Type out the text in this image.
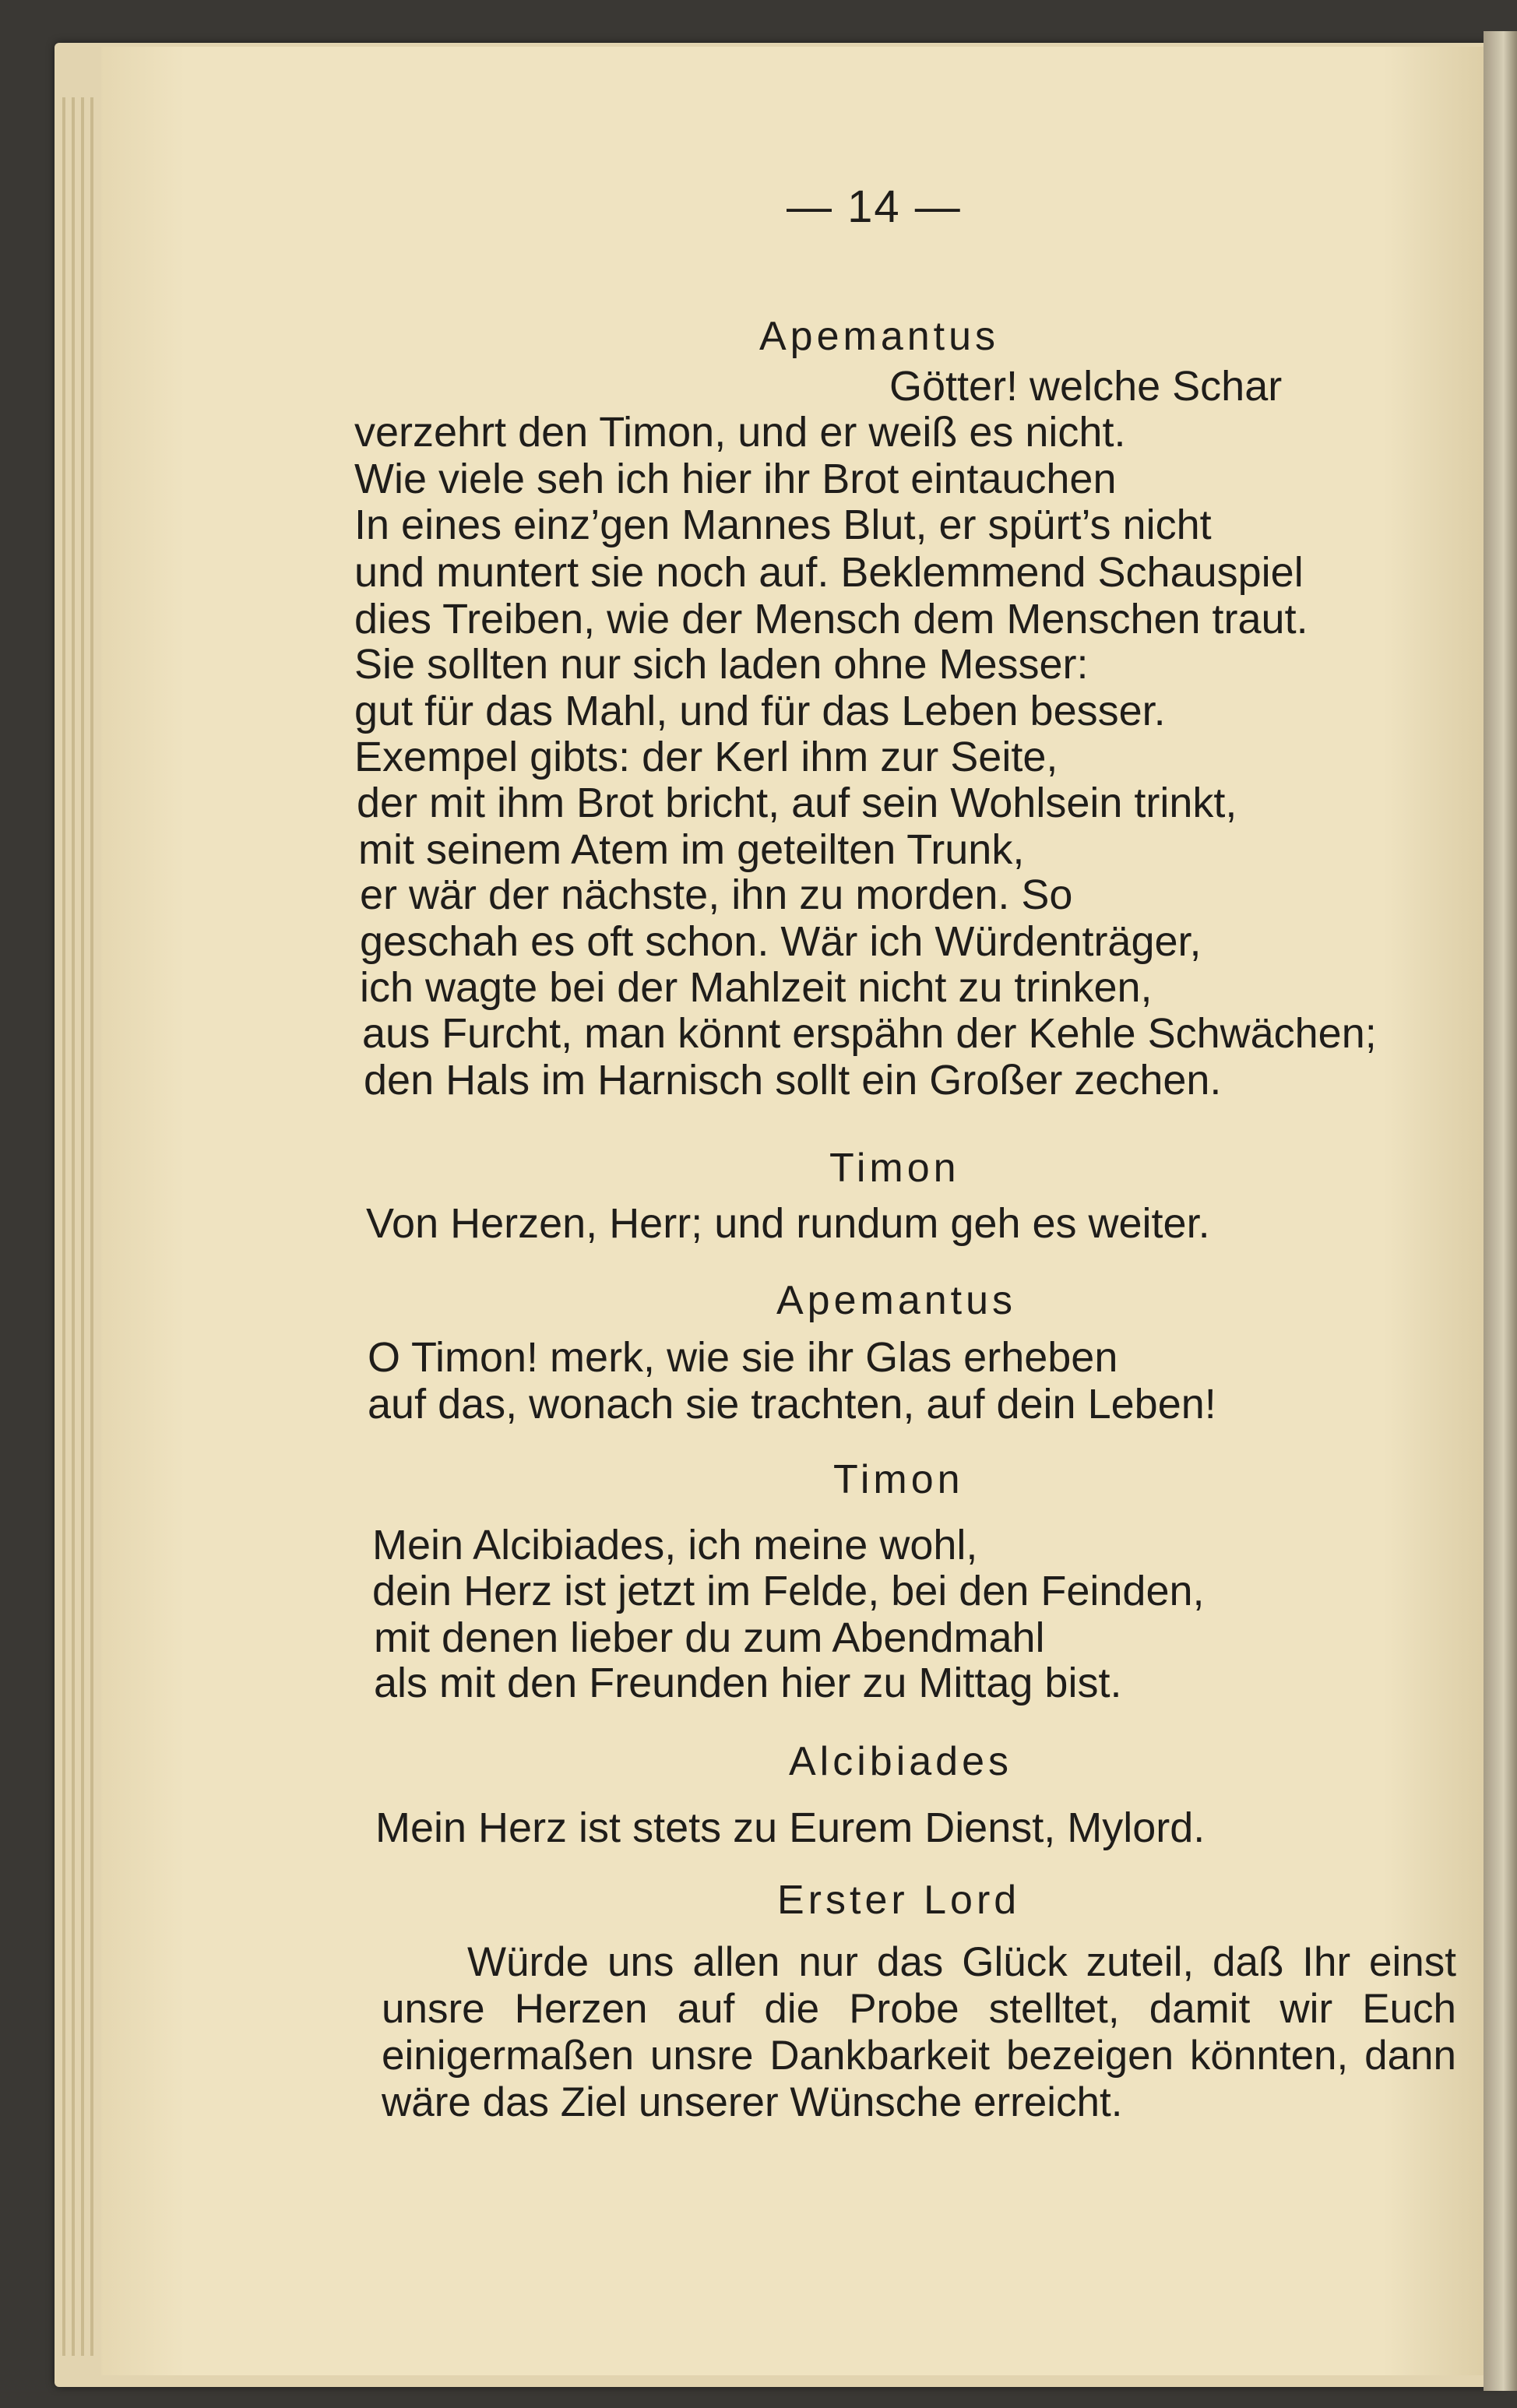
— 14 —
Apemantus
Götter! welche Schar
verzehrt den Timon, und er weiß es nicht.
Wie viele seh ich hier ihr Brot eintauchen
In eines einz’gen Mannes Blut, er spürt’s nicht
und muntert sie noch auf. Beklemmend Schauspiel
dies Treiben, wie der Mensch dem Menschen traut.
Sie sollten nur sich laden ohne Messer:
gut für das Mahl, und für das Leben besser.
Exempel gibts: der Kerl ihm zur Seite,
der mit ihm Brot bricht, auf sein Wohlsein trinkt,
mit seinem Atem im geteilten Trunk,
er wär der nächste, ihn zu morden. So
geschah es oft schon. Wär ich Würdenträger,
ich wagte bei der Mahlzeit nicht zu trinken,
aus Furcht, man könnt erspähn der Kehle Schwächen;
den Hals im Harnisch sollt ein Großer zechen.
Timon
Von Herzen, Herr; und rundum geh es weiter.
Apemantus
O Timon! merk, wie sie ihr Glas erheben
auf das, wonach sie trachten, auf dein Leben!
Timon
Mein Alcibiades, ich meine wohl,
dein Herz ist jetzt im Felde, bei den Feinden,
mit denen lieber du zum Abendmahl
als mit den Freunden hier zu Mittag bist.
Alcibiades
Mein Herz ist stets zu Eurem Dienst, Mylord.
Erster Lord
Würde uns allen nur das Glück zuteil, daß Ihr einst unsre Herzen auf die Probe stelltet, damit wir Euch einigermaßen unsre Dankbarkeit bezeigen könnten, dann wäre das Ziel unserer Wünsche erreicht.
